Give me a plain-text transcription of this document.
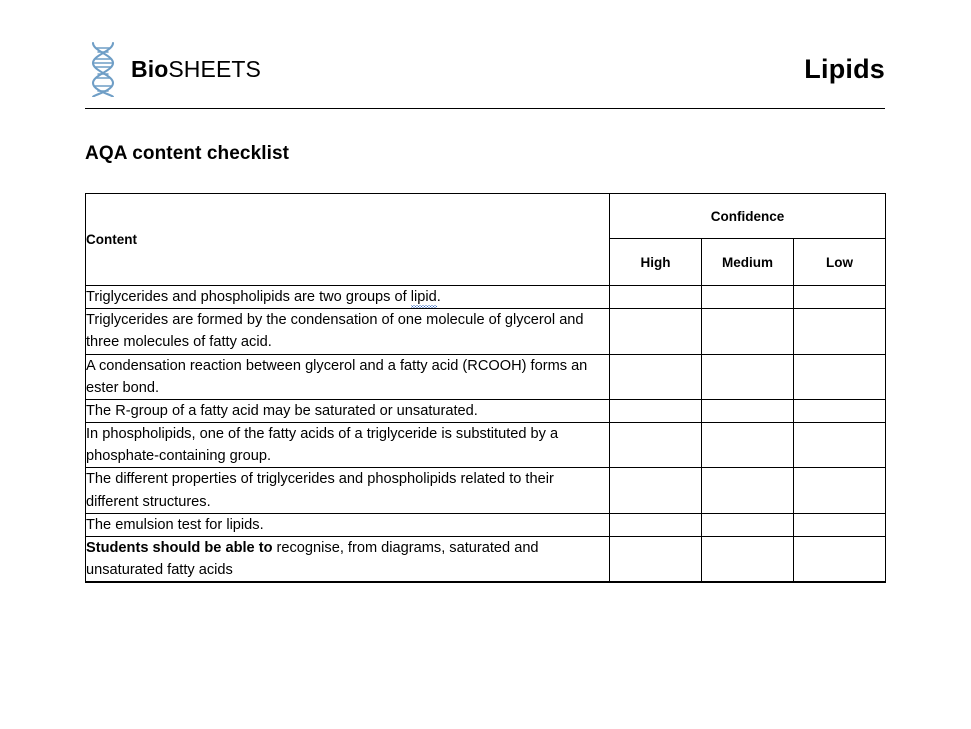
BioSHEETS	Lipids
AQA content checklist
Content	Confidence		
	High	Medium	Low
Triglycerides and phospholipids are two groups of lipid.			
Triglycerides are formed by the condensation of one molecule of glycerol and three molecules of fatty acid.			
A condensation reaction between glycerol and a fatty acid (RCOOH) forms an ester bond.			
The R-group of a fatty acid may be saturated or unsaturated.			
In phospholipids, one of the fatty acids of a triglyceride is substituted by a phosphate-containing group.			
The different properties of triglycerides and phospholipids related to their different structures.			
The emulsion test for lipids.			
Students should be able to recognise, from diagrams, saturated and unsaturated fatty acids			
